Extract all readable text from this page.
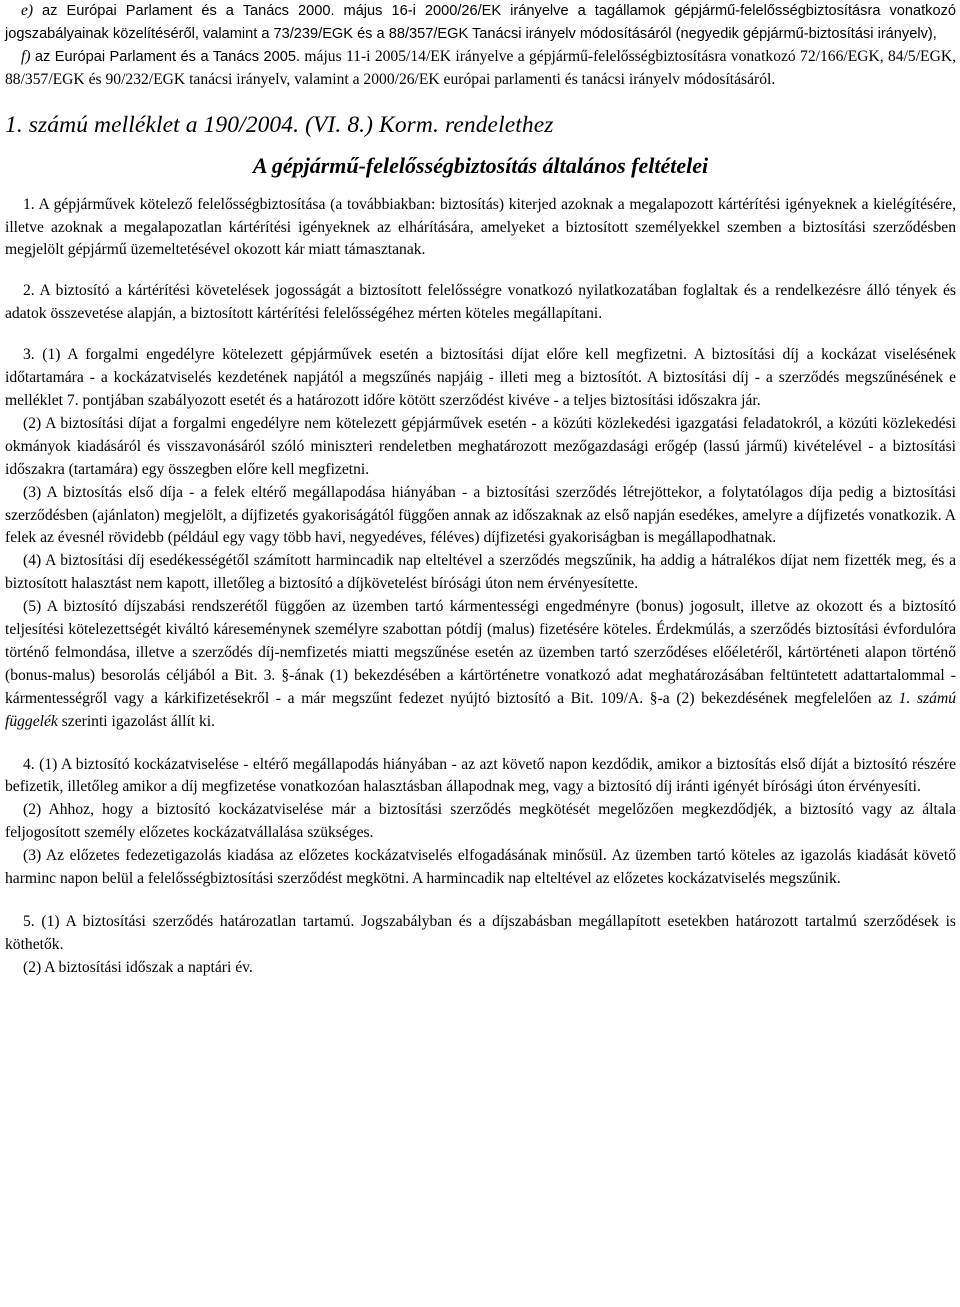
e) az Európai Parlament és a Tanács 2000. május 16-i 2000/26/EK irányelve a tagállamok gépjármű-felelősségbiztosításra vonatkozó jogszabályainak közelítéséről, valamint a 73/239/EGK és a 88/357/EGK Tanácsi irányelv módosításáról (negyedik gépjármű-biztosítási irányelv),

f) az Európai Parlament és a Tanács 2005. május 11-i 2005/14/EK irányelve a gépjármű-felelősségbiztosításra vonatkozó 72/166/EGK, 84/5/EGK, 88/357/EGK és 90/232/EGK tanácsi irányelv, valamint a 2000/26/EK európai parlamenti és tanácsi irányelv módosításáról.

1. számú melléklet a 190/2004. (VI. 8.) Korm. rendelethez

A gépjármű-felelősségbiztosítás általános feltételei

1. A gépjárművek kötelező felelősségbiztosítása (a továbbiakban: biztosítás) kiterjed azoknak a megalapozott kártérítési igényeknek a kielégítésére, illetve azoknak a megalapozatlan kártérítési igényeknek az elhárítására, amelyeket a biztosított személyekkel szemben a biztosítási szerződésben megjelölt gépjármű üzemeltetésével okozott kár miatt támasztanak.

2. A biztosító a kártérítési követelések jogosságát a biztosított felelősségre vonatkozó nyilatkozatában foglaltak és a rendelkezésre álló tények és adatok összevetése alapján, a biztosított kártérítési felelősségéhez mérten köteles megállapítani.

3. (1) A forgalmi engedélyre kötelezett gépjárművek esetén a biztosítási díjat előre kell megfizetni. A biztosítási díj a kockázat viselésének időtartamára - a kockázatviselés kezdetének napjától a megszűnés napjáig - illeti meg a biztosítót. A biztosítási díj - a szerződés megszűnésének e melléklet 7. pontjában szabályozott esetét és a határozott időre kötött szerződést kivéve - a teljes biztosítási időszakra jár.

(2) A biztosítási díjat a forgalmi engedélyre nem kötelezett gépjárművek esetén - a közúti közlekedési igazgatási feladatokról, a közúti közlekedési okmányok kiadásáról és visszavonásáról szóló miniszteri rendeletben meghatározott mezőgazdasági erőgép (lassú jármű) kivételével - a biztosítási időszakra (tartamára) egy összegben előre kell megfizetni.

(3) A biztosítás első díja - a felek eltérő megállapodása hiányában - a biztosítási szerződés létrejöttekor, a folytatólagos díja pedig a biztosítási szerződésben (ajánlaton) megjelölt, a díjfizetés gyakoriságától függően annak az időszaknak az első napján esedékes, amelyre a díjfizetés vonatkozik. A felek az évesnél rövidebb (például egy vagy több havi, negyedéves, féléves) díjfizetési gyakoriságban is megállapodhatnak.

(4) A biztosítási díj esedékességétől számított harmincadik nap elteltével a szerződés megszűnik, ha addig a hátralékos díjat nem fizették meg, és a biztosított halasztást nem kapott, illetőleg a biztosító a díjkövetelést bírósági úton nem érvényesítette.

(5) A biztosító díjszabási rendszerétől függően az üzemben tartó kármentességi engedményre (bonus) jogosult, illetve az okozott és a biztosító teljesítési kötelezettségét kiváltó káreseménynek személyre szabottan pótdíj (malus) fizetésére köteles. Érdekmúlás, a szerződés biztosítási évfordulóra történő felmondása, illetve a szerződés díj-nemfizetés miatti megszűnése esetén az üzemben tartó szerződéses előéletéről, kártörténeti alapon történő (bonus-malus) besorolás céljából a Bit. 3. §-ának (1) bekezdésében a kártörténetre vonatkozó adat meghatározásában feltüntetett adattartalommal - kármentességről vagy a kárkifizetésekről - a már megszűnt fedezet nyújtó biztosító a Bit. 109/A. §-a (2) bekezdésének megfelelően az 1. számú függelék szerinti igazolást állít ki.

4. (1) A biztosító kockázatviselése - eltérő megállapodás hiányában - az azt követő napon kezdődik, amikor a biztosítás első díját a biztosító részére befizetik, illetőleg amikor a díj megfizetése vonatkozóan halasztásban állapodnak meg, vagy a biztosító díj iránti igényét bírósági úton érvényesíti.

(2) Ahhoz, hogy a biztosító kockázatviselése már a biztosítási szerződés megkötését megelőzően megkezdődjék, a biztosító vagy az általa feljogosított személy előzetes kockázatvállalása szükséges.

(3) Az előzetes fedezetigazolás kiadása az előzetes kockázatviselés elfogadásának minősül. Az üzemben tartó köteles az igazolás kiadását követő harminc napon belül a felelősségbiztosítási szerződést megkötni. A harmincadik nap elteltével az előzetes kockázatviselés megszűnik.

5. (1) A biztosítási szerződés határozatlan tartamú. Jogszabályban és a díjszabásban megállapított esetekben határozott tartalmú szerződések is köthetők.

(2) A biztosítási időszak a naptári év.
